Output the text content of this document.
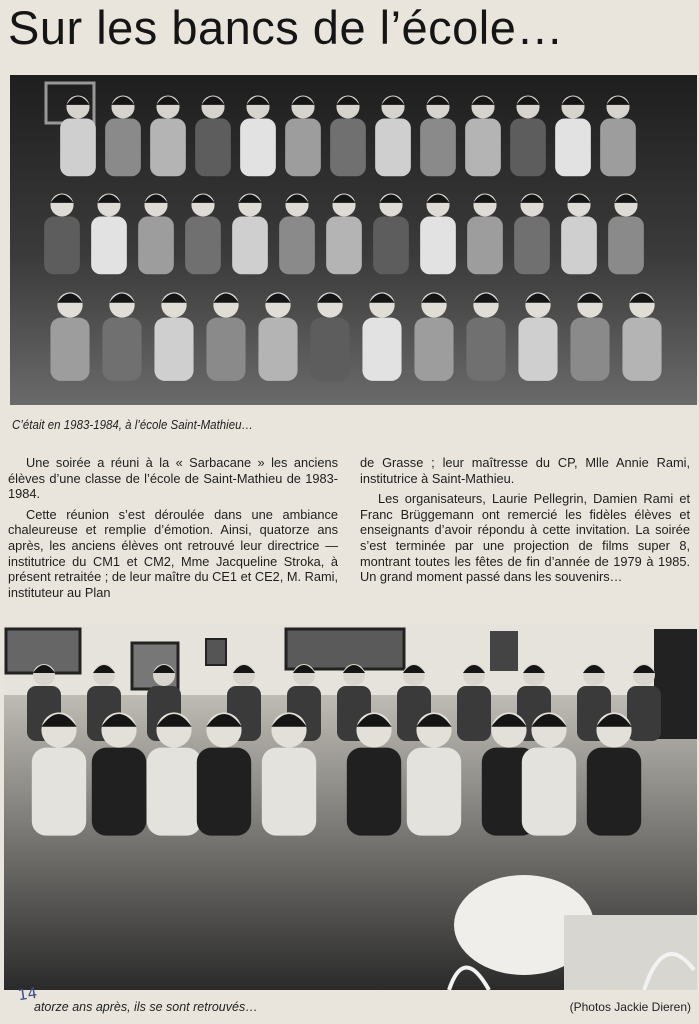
Sur les bancs de l’école…
C’était en 1983-1984, à l’école Saint-Mathieu…

Une soirée a réuni à la « Sarbacane » les anciens élèves d’une classe de l’école de Saint-Mathieu de 1983-1984.

Cette réunion s’est déroulée dans une ambiance chaleureuse et remplie d’émotion. Ainsi, quatorze ans après, les anciens élèves ont retrouvé leur directrice — institutrice du CM1 et CM2, Mme Jacqueline Stroka, à présent retraitée ; de leur maître du CE1 et CE2, M. Rami, instituteur au Plan

de Grasse ; leur maîtresse du CP, Mlle Annie Rami, institutrice à Saint-Mathieu.

Les organisateurs, Laurie Pellegrin, Damien Rami et Franc Brüggemann ont remercié les fidèles élèves et enseignants d’avoir répondu à cette invitation. La soirée s’est terminée par une projection de films super 8, montrant toutes les fêtes de fin d’année de 1979 à 1985. Un grand moment passé dans les souvenirs…

14
atorze ans après, ils se sont retrouvés…	(Photos Jackie Dieren)
